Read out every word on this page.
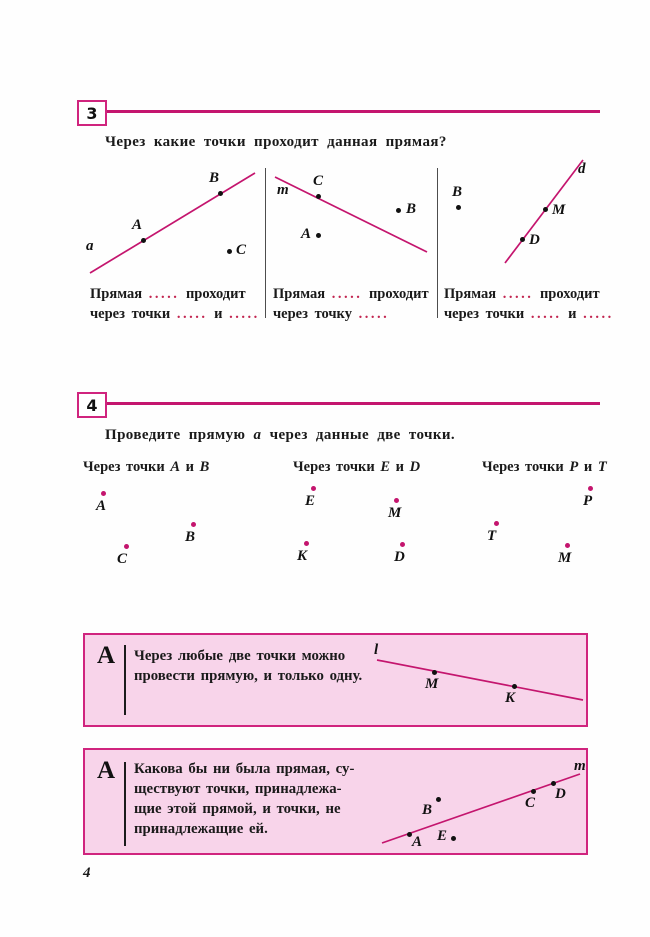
3
Через какие точки проходит данная прямая?
a
A
B
C
m
C
B
A
d
B
M
D
Прямая ..... проходит
через точки ..... и .....
Прямая ..... проходит
через точку .....
Прямая ..... проходит
через точки ..... и .....
4
Проведите прямую a через данные две точки.
Через точки A и B	Через точки E и D	Через точки P и T
A
B
C
E
M
K	D
P
T
M
А Через любые две точки можно
провести прямую, и только одну.
l
M
K
А Какова бы ни была прямая, су-
ществуют точки, принадлежа-
щие этой прямой, и точки, не
принадлежащие ей.
m
A E
B	C
D
4
